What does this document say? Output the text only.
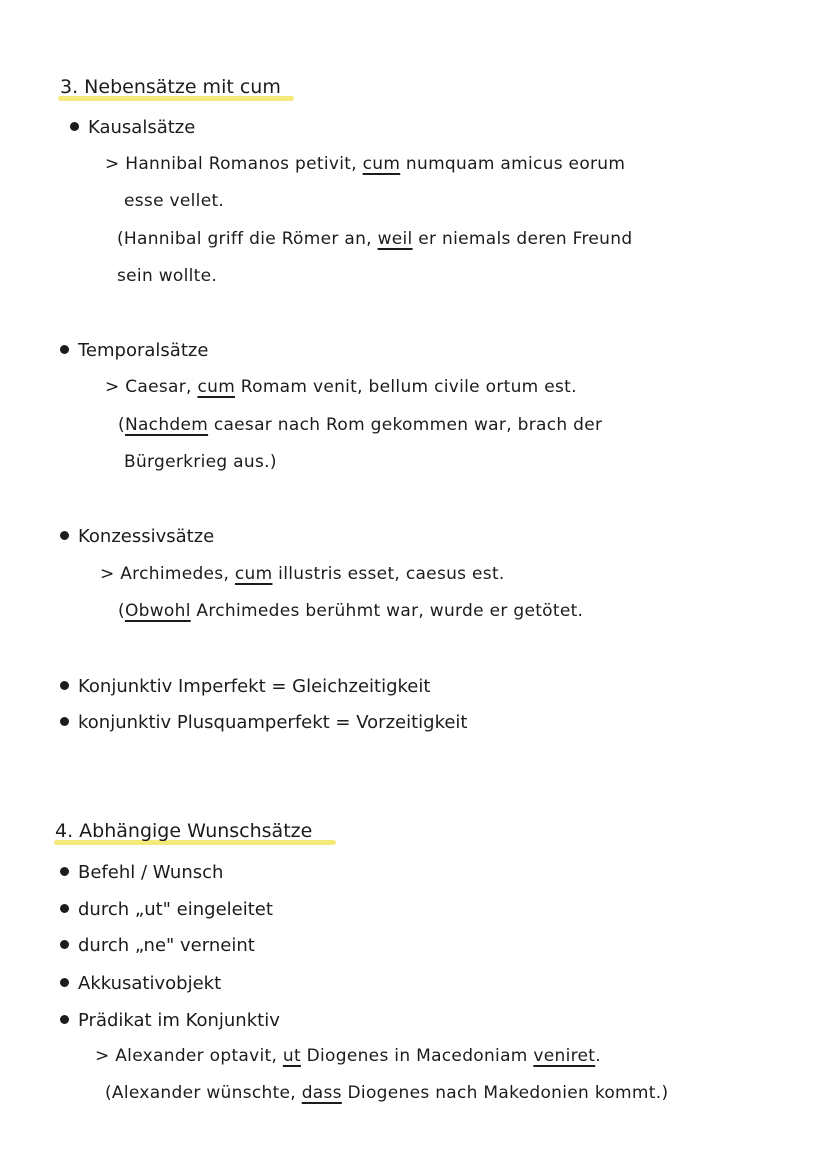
3. Nebensätze mit cum
Kausalsätze
> Hannibal Romanos petivit, cum numquam amicus eorum
esse vellet.
(Hannibal griff die Römer an, weil er niemals deren Freund
sein wollte.
Temporalsätze
> Caesar, cum Romam venit, bellum civile ortum est.
(Nachdem caesar nach Rom gekommen war, brach der
Bürgerkrieg aus.)
Konzessivsätze
> Archimedes, cum illustris esset, caesus est.
(Obwohl Archimedes berühmt war, wurde er getötet.
Konjunktiv Imperfekt = Gleichzeitigkeit
konjunktiv Plusquamperfekt = Vorzeitigkeit
4. Abhängige Wunschsätze
Befehl / Wunsch
durch „ut" eingeleitet
durch „ne" verneint
Akkusativobjekt
Prädikat im Konjunktiv
> Alexander optavit, ut Diogenes in Macedoniam veniret.
(Alexander wünschte, dass Diogenes nach Makedonien kommt.)
